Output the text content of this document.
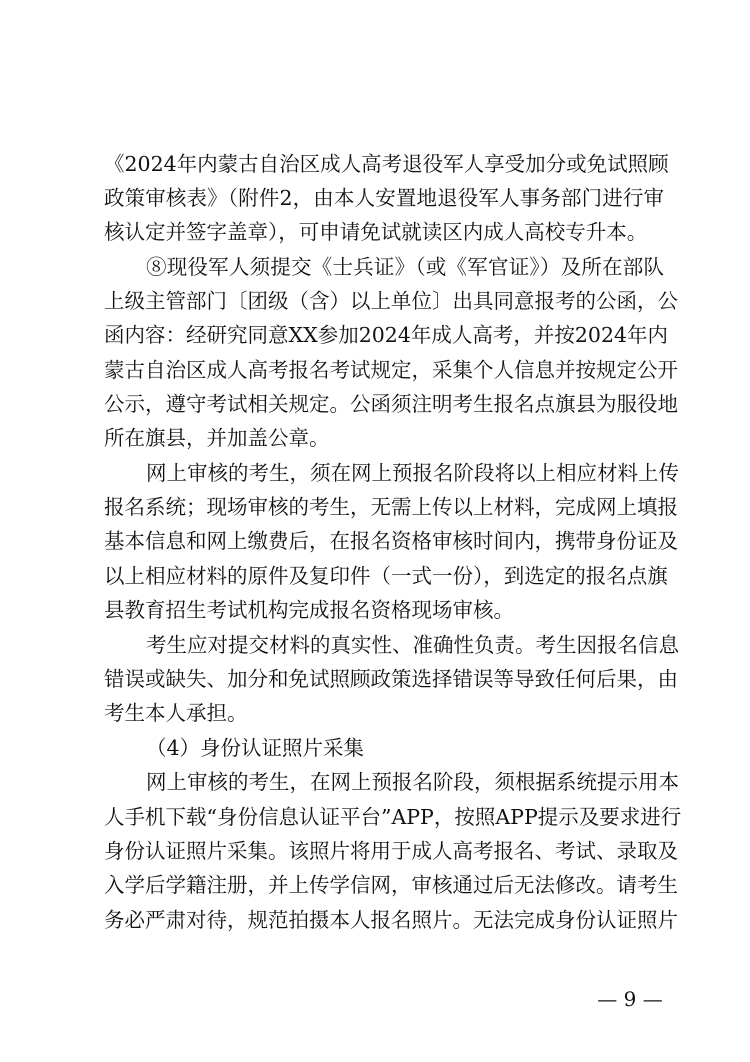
《2024年内蒙古自治区成人高考退役军人享受加分或免试照顾
政策审核表》（附件2，由本人安置地退役军人事务部门进行审
核认定并签字盖章），可申请免试就读区内成人高校专升本。
⑧现役军人须提交《士兵证》（或《军官证》）及所在部队
上级主管部门〔团级（含）以上单位〕出具同意报考的公函，公
函内容：经研究同意XX参加2024年成人高考，并按2024年内
蒙古自治区成人高考报名考试规定，采集个人信息并按规定公开
公示，遵守考试相关规定。公函须注明考生报名点旗县为服役地
所在旗县，并加盖公章。
网上审核的考生，须在网上预报名阶段将以上相应材料上传
报名系统；现场审核的考生，无需上传以上材料，完成网上填报
基本信息和网上缴费后，在报名资格审核时间内，携带身份证及
以上相应材料的原件及复印件（一式一份），到选定的报名点旗
县教育招生考试机构完成报名资格现场审核。
考生应对提交材料的真实性、准确性负责。考生因报名信息
错误或缺失、加分和免试照顾政策选择错误等导致任何后果，由
考生本人承担。
（4）身份认证照片采集
网上审核的考生，在网上预报名阶段，须根据系统提示用本
人手机下载“身份信息认证平台”APP，按照APP提示及要求进行
身份认证照片采集。该照片将用于成人高考报名、考试、录取及
入学后学籍注册，并上传学信网，审核通过后无法修改。请考生
务必严肃对待，规范拍摄本人报名照片。无法完成身份认证照片
— 9 —
